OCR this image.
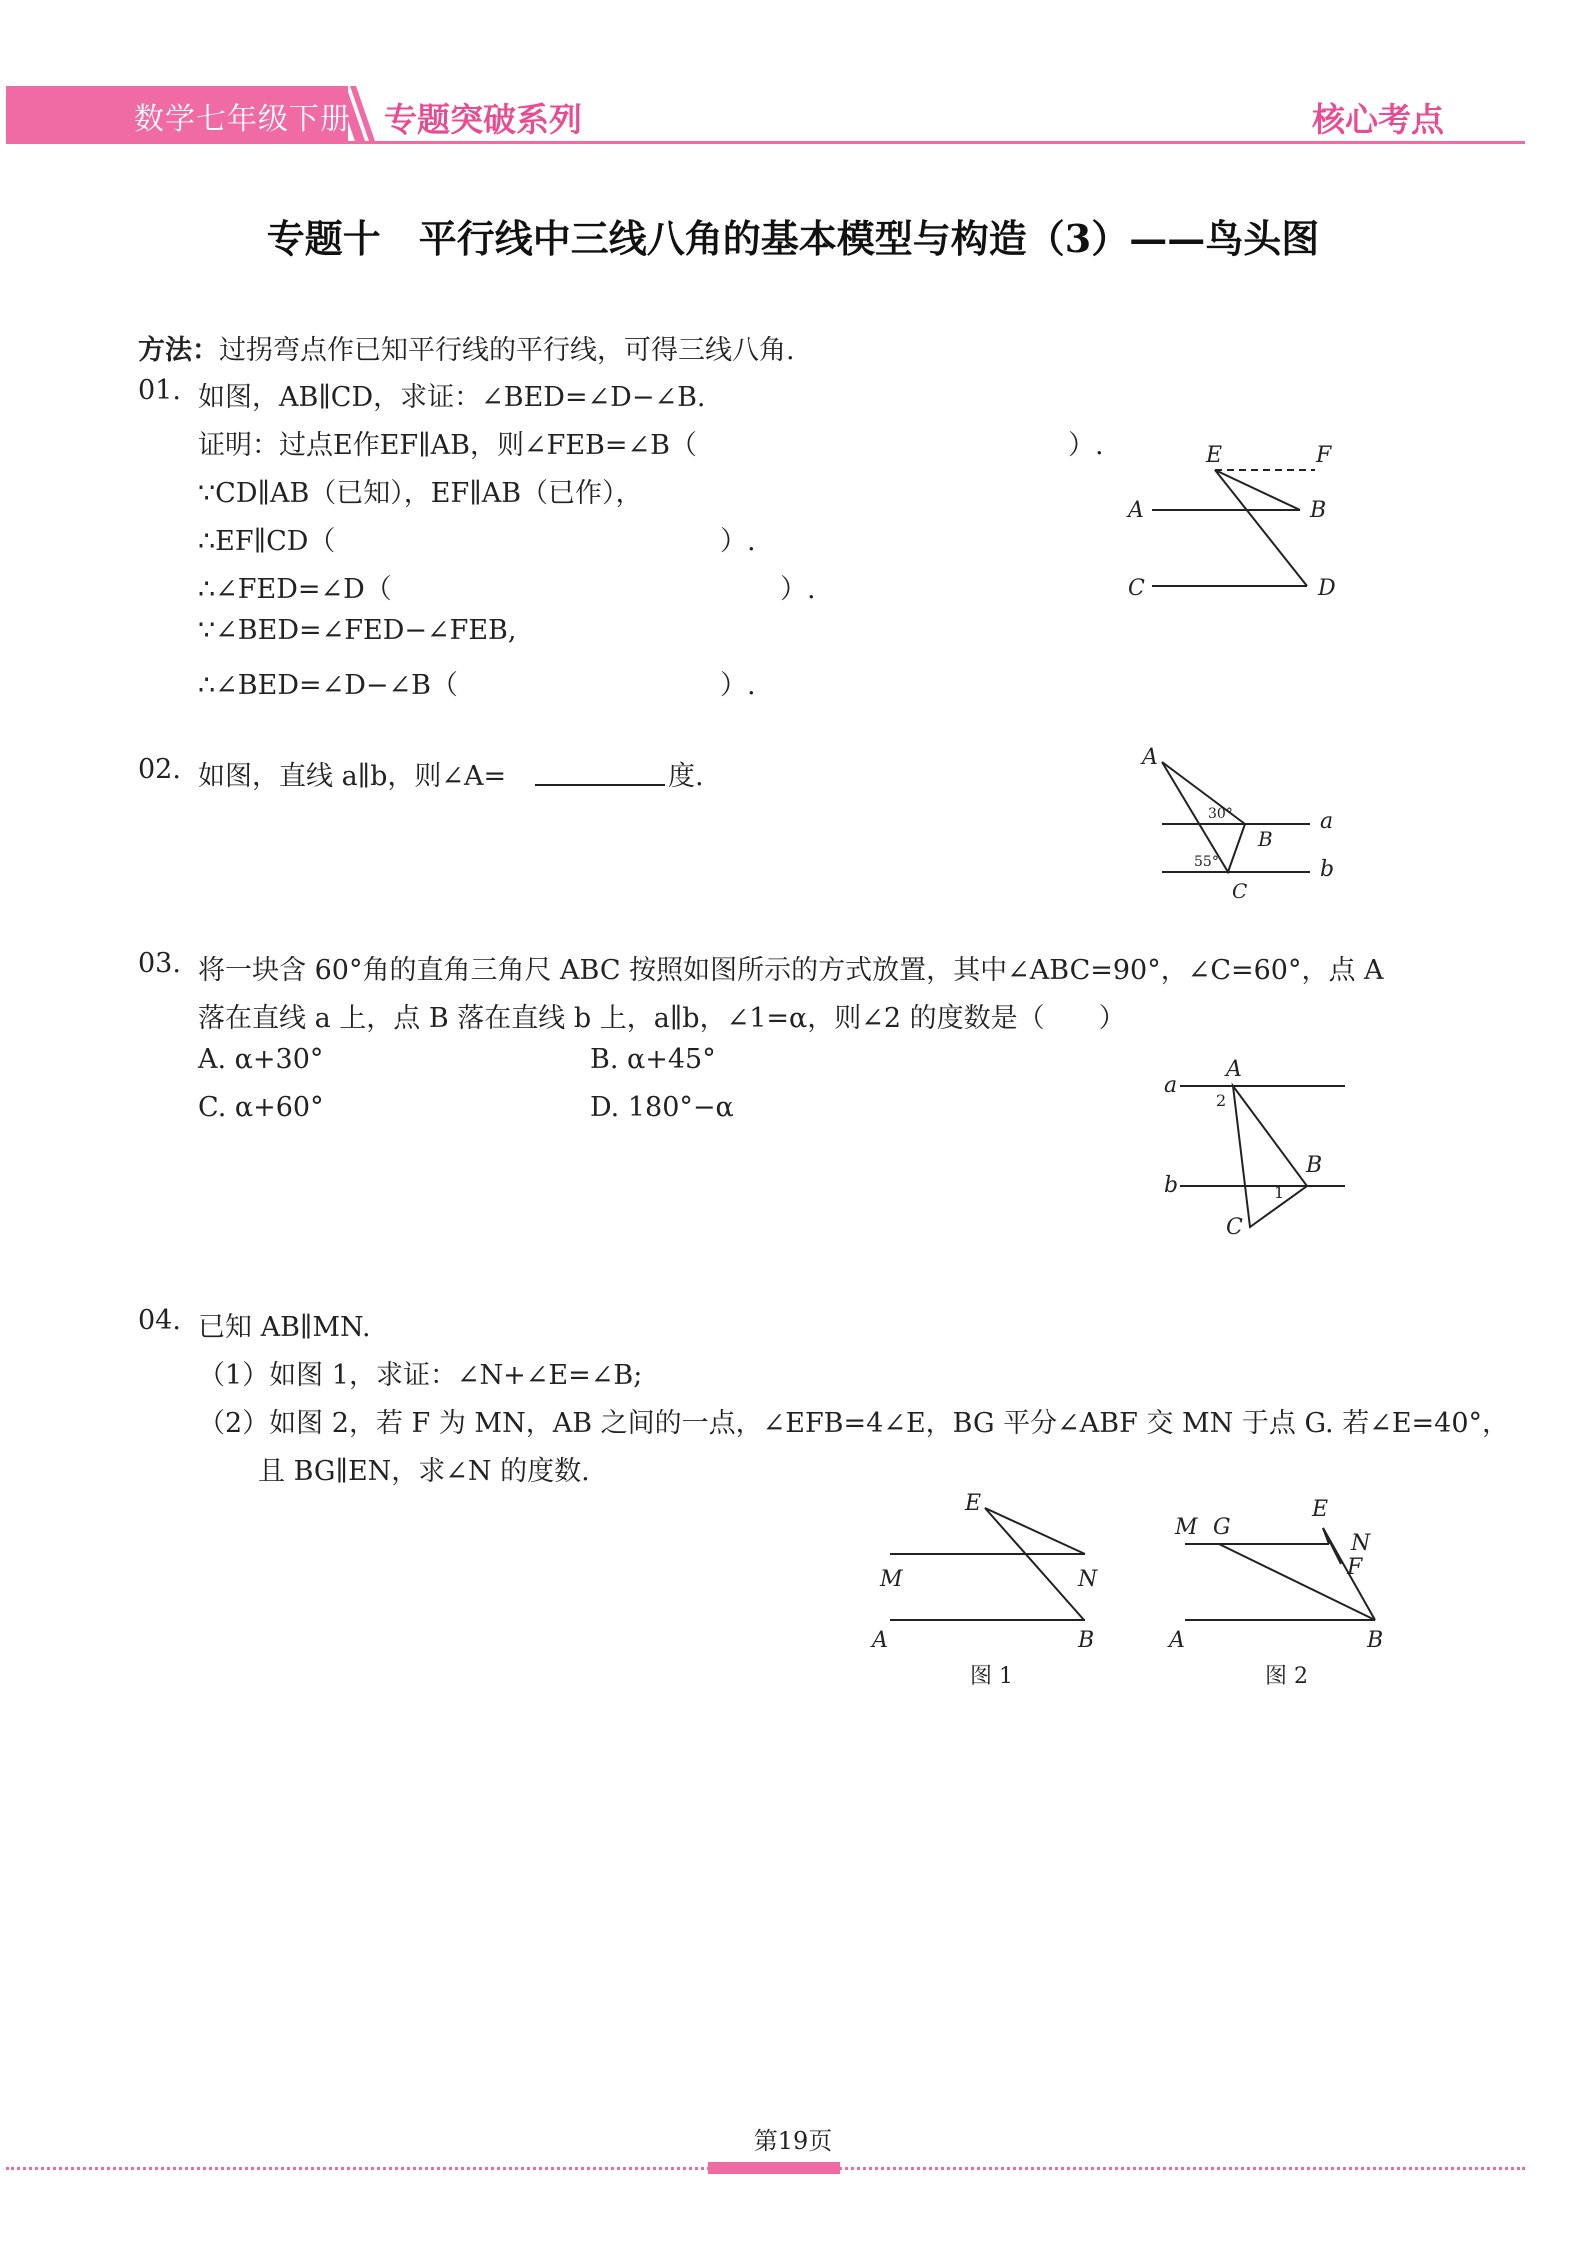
数学七年级下册 专题突破系列	核心考点
专题十　平行线中三线八角的基本模型与构造（3）——鸟头图
方法：过拐弯点作已知平行线的平行线，可得三线八角.
01. 如图，AB∥CD，求证：∠BED=∠D−∠B.
证明：过点E作EF∥AB，则∠FEB=∠B（	）.
∵CD∥AB（已知），EF∥AB（已作），
∴EF∥CD（	）.
∴∠FED=∠D（	）.
∵∠BED=∠FED−∠FEB,
∴∠BED=∠D−∠B（	）.
E	F
A	B
C	D
02. 如图，直线 a∥b，则∠A=	度.
A
30°
B
a
55°	b
C
03. 将一块含 60°角的直角三角尺 ABC 按照如图所示的方式放置，其中∠ABC=90°，∠C=60°，点 A
落在直线 a 上，点 B 落在直线 b 上，a∥b，∠1=α，则∠2 的度数是（　　）
A. α+30°	B. α+45°
C. α+60°	D. 180°−α
a
A
2
B
b	1
C
04. 已知 AB∥MN.
（1）如图 1，求证：∠N+∠E=∠B;
（2）如图 2，若 F 为 MN，AB 之间的一点，∠EFB=4∠E，BG 平分∠ABF 交 MN 于点 G. 若∠E=40°，
且 BG∥EN，求∠N 的度数.
E
M	N
A	B
图 1
M G
E
N
F
A	B
图 2
第19页
